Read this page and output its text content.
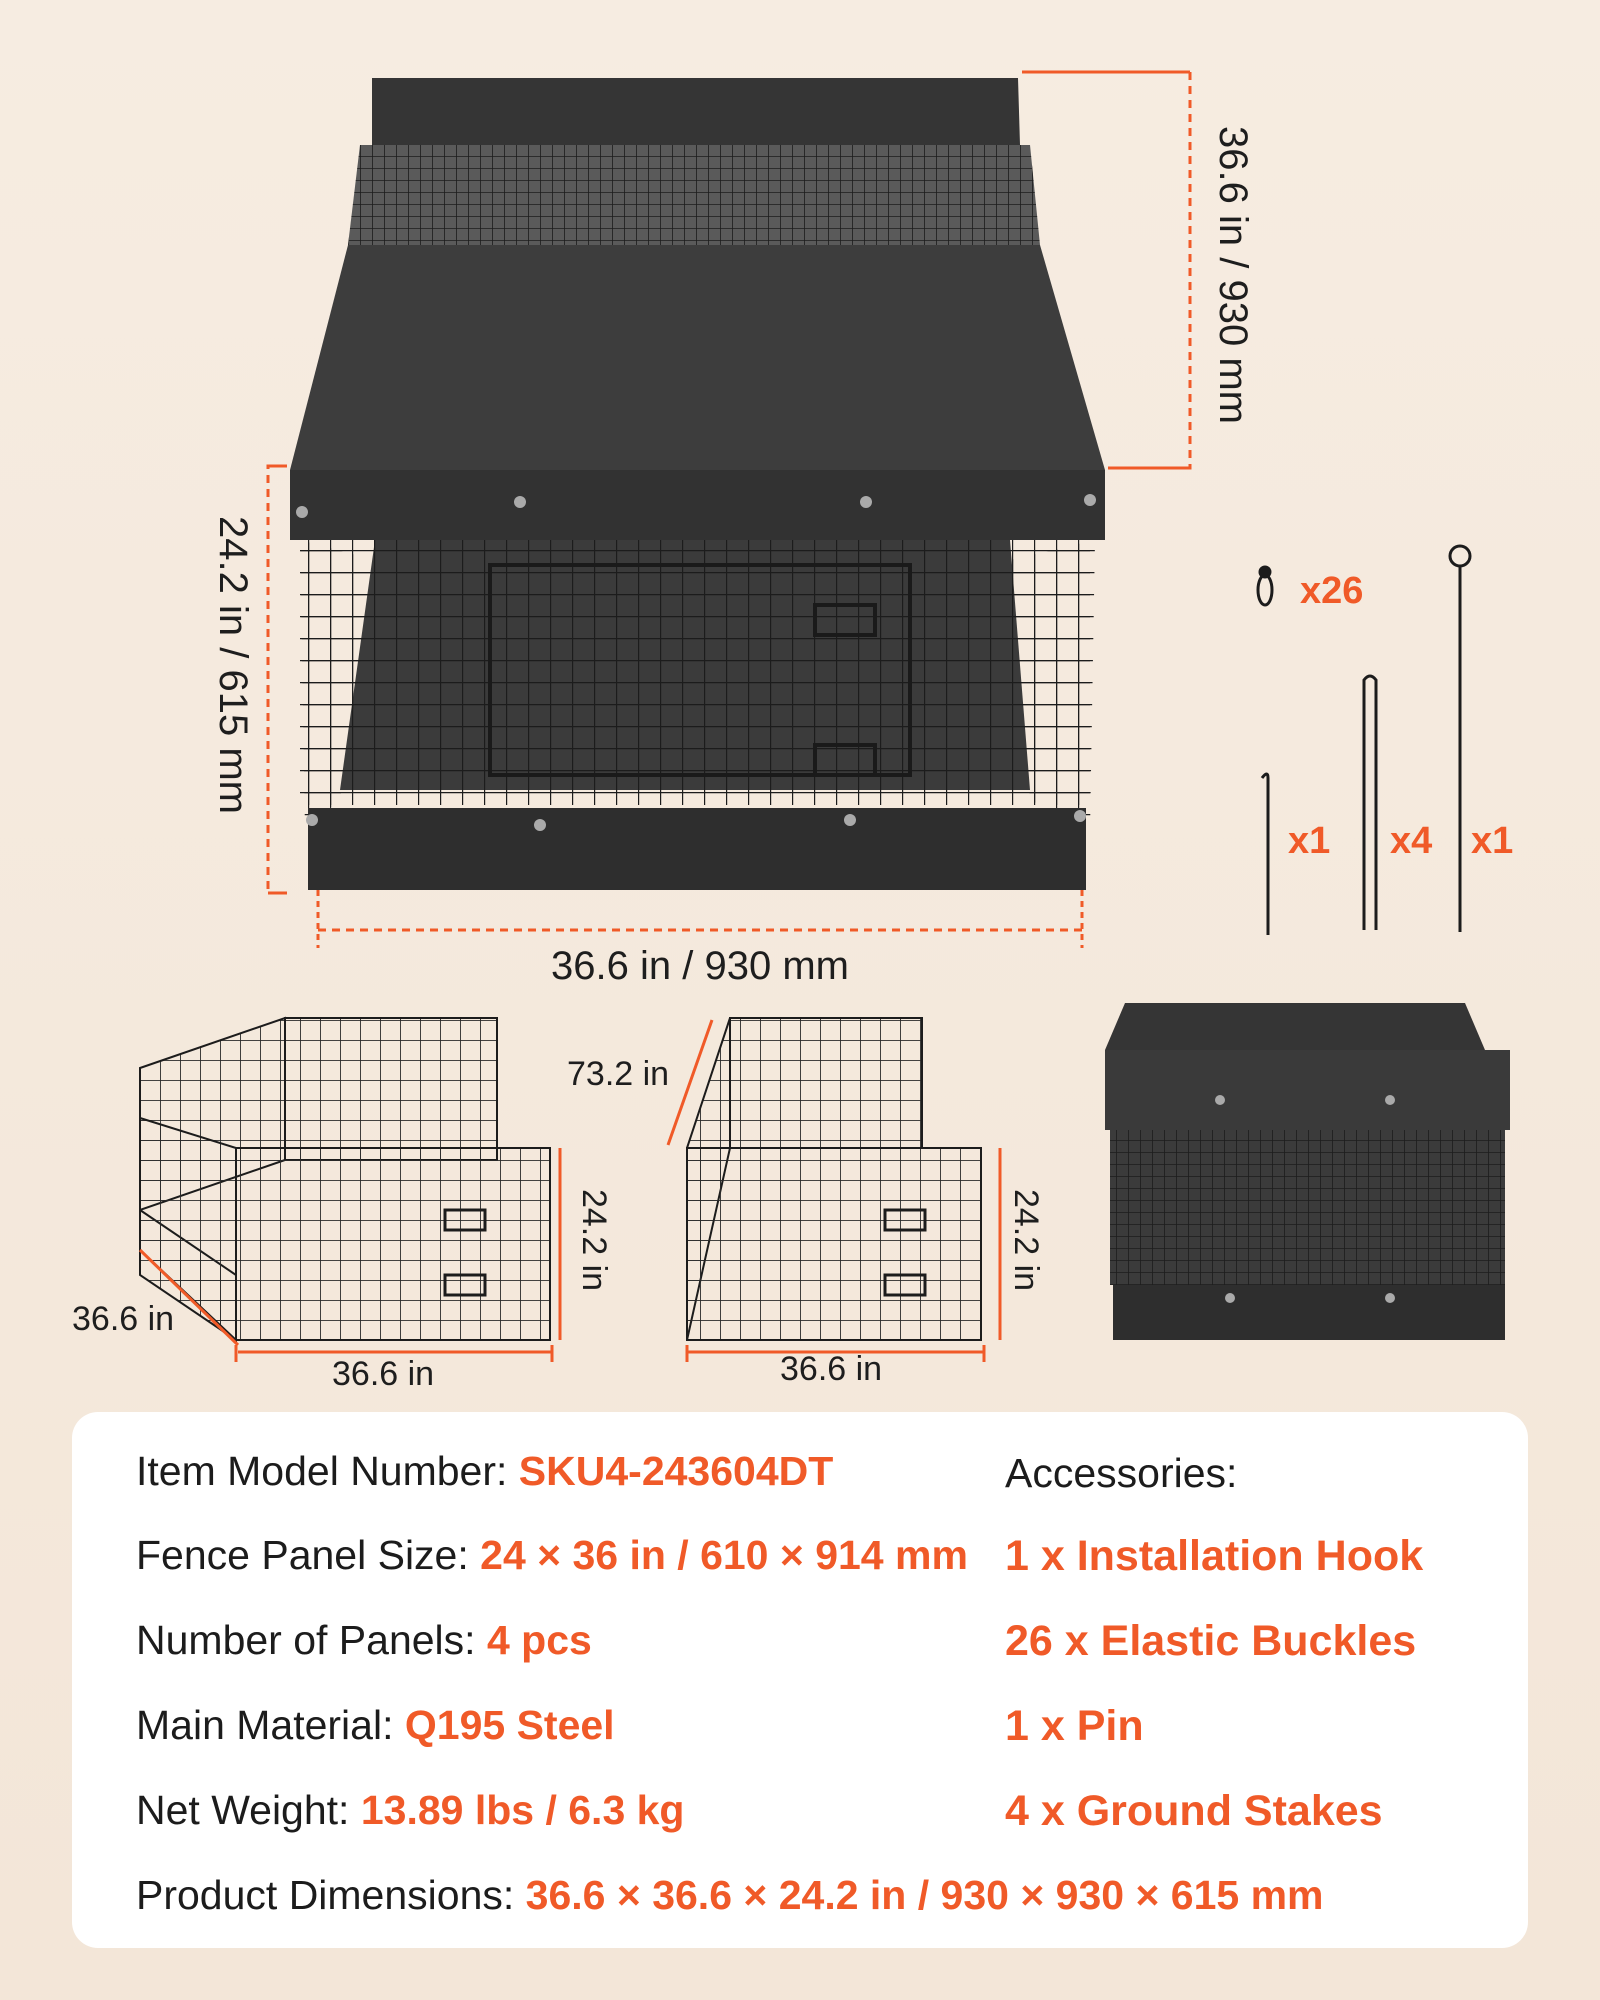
36.6 in / 930 mm
24.2 in / 615 mm
36.6 in / 930 mm
x26
x1 x4 x1
36.6 in
36.6 in
24.2 in
73.2 in
36.6 in
24.2 in
Item Model Number: SKU4-243604DT
Fence Panel Size: 24 × 36 in / 610 × 914 mm
Number of Panels: 4 pcs
Main Material: Q195 Steel
Net Weight: 13.89 lbs / 6.3 kg
Product Dimensions: 36.6 × 36.6 × 24.2 in / 930 × 930 × 615 mm
Accessories:
1 x Installation Hook
26 x Elastic Buckles
1 x Pin
4 x Ground Stakes
